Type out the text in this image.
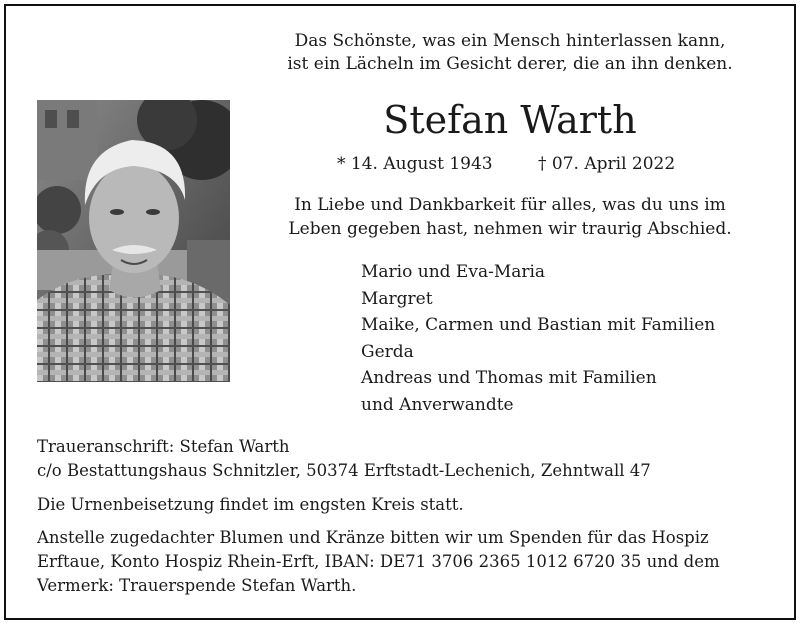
Das Schönste, was ein Mensch hinterlassen kann,
ist ein Lächeln im Gesicht derer, die an ihn denken.
Stefan Warth
* 14. August 1943	† 07. April 2022
In Liebe und Dankbarkeit für alles, was du uns im
Leben gegeben hast, nehmen wir traurig Abschied.
Mario und Eva-Maria
Margret
Maike, Carmen und Bastian mit Familien
Gerda
Andreas und Thomas mit Familien
und Anverwandte
Traueranschrift: Stefan Warth
c/o Bestattungshaus Schnitzler, 50374 Erftstadt-Lechenich, Zehntwall 47
Die Urnenbeisetzung findet im engsten Kreis statt.
Anstelle zugedachter Blumen und Kränze bitten wir um Spenden für das Hospiz
Erftaue, Konto Hospiz Rhein-Erft, IBAN: DE71 3706 2365 1012 6720 35 und dem
Vermerk: Trauerspende Stefan Warth.
